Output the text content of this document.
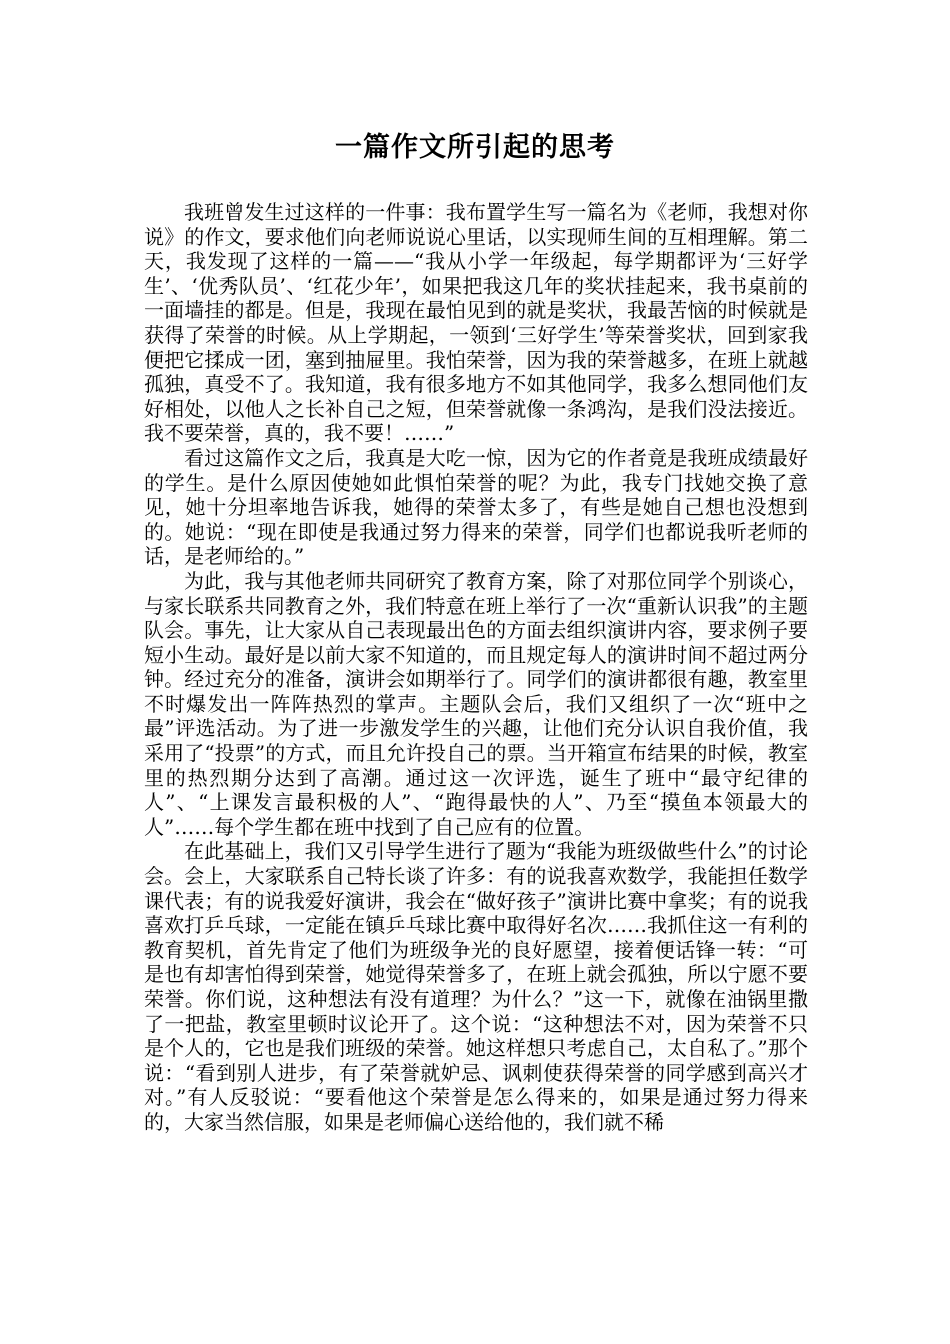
一篇作文所引起的思考

我班曾发生过这样的一件事：我布置学生写一篇名为《老师，我想对你说》的作文，要求他们向老师说说心里话，以实现师生间的互相理解。第二天，我发现了这样的一篇——“我从小学一年级起，每学期都评为‘三好学生’、‘优秀队员’、‘红花少年’，如果把我这几年的奖状挂起来，我书桌前的一面墙挂的都是。但是，我现在最怕见到的就是奖状，我最苦恼的时候就是获得了荣誉的时候。从上学期起，一领到‘三好学生’等荣誉奖状，回到家我便把它揉成一团，塞到抽屉里。我怕荣誉，因为我的荣誉越多，在班上就越孤独，真受不了。我知道，我有很多地方不如其他同学，我多么想同他们友好相处，以他人之长补自己之短，但荣誉就像一条鸿沟，是我们没法接近。我不要荣誉，真的，我不要！……”

看过这篇作文之后，我真是大吃一惊，因为它的作者竟是我班成绩最好的学生。是什么原因使她如此惧怕荣誉的呢？为此，我专门找她交换了意见，她十分坦率地告诉我，她得的荣誉太多了，有些是她自己想也没想到的。她说：“现在即使是我通过努力得来的荣誉，同学们也都说我听老师的话，是老师给的。”

为此，我与其他老师共同研究了教育方案，除了对那位同学个别谈心，与家长联系共同教育之外，我们特意在班上举行了一次“重新认识我”的主题队会。事先，让大家从自己表现最出色的方面去组织演讲内容，要求例子要短小生动。最好是以前大家不知道的，而且规定每人的演讲时间不超过两分钟。经过充分的准备，演讲会如期举行了。同学们的演讲都很有趣，教室里不时爆发出一阵阵热烈的掌声。主题队会后，我们又组织了一次“班中之最”评选活动。为了进一步激发学生的兴趣，让他们充分认识自我价值，我采用了“投票”的方式，而且允许投自己的票。当开箱宣布结果的时候，教室里的热烈期分达到了高潮。通过这一次评选，诞生了班中“最守纪律的人”、“上课发言最积极的人”、“跑得最快的人”、乃至“摸鱼本领最大的人”……每个学生都在班中找到了自己应有的位置。

在此基础上，我们又引导学生进行了题为“我能为班级做些什么”的讨论会。会上，大家联系自己特长谈了许多：有的说我喜欢数学，我能担任数学课代表；有的说我爱好演讲，我会在“做好孩子”演讲比赛中拿奖；有的说我喜欢打乒乓球，一定能在镇乒乓球比赛中取得好名次……我抓住这一有利的教育契机，首先肯定了他们为班级争光的良好愿望，接着便话锋一转：“可是也有却害怕得到荣誉，她觉得荣誉多了，在班上就会孤独，所以宁愿不要荣誉。你们说，这种想法有没有道理？为什么？”这一下，就像在油锅里撒了一把盐，教室里顿时议论开了。这个说：“这种想法不对，因为荣誉不只是个人的，它也是我们班级的荣誉。她这样想只考虑自己，太自私了。”那个说：“看到别人进步，有了荣誉就妒忌、讽刺使获得荣誉的同学感到高兴才对。”有人反驳说：“要看他这个荣誉是怎么得来的，如果是通过努力得来的，大家当然信服，如果是老师偏心送给他的，我们就不稀
